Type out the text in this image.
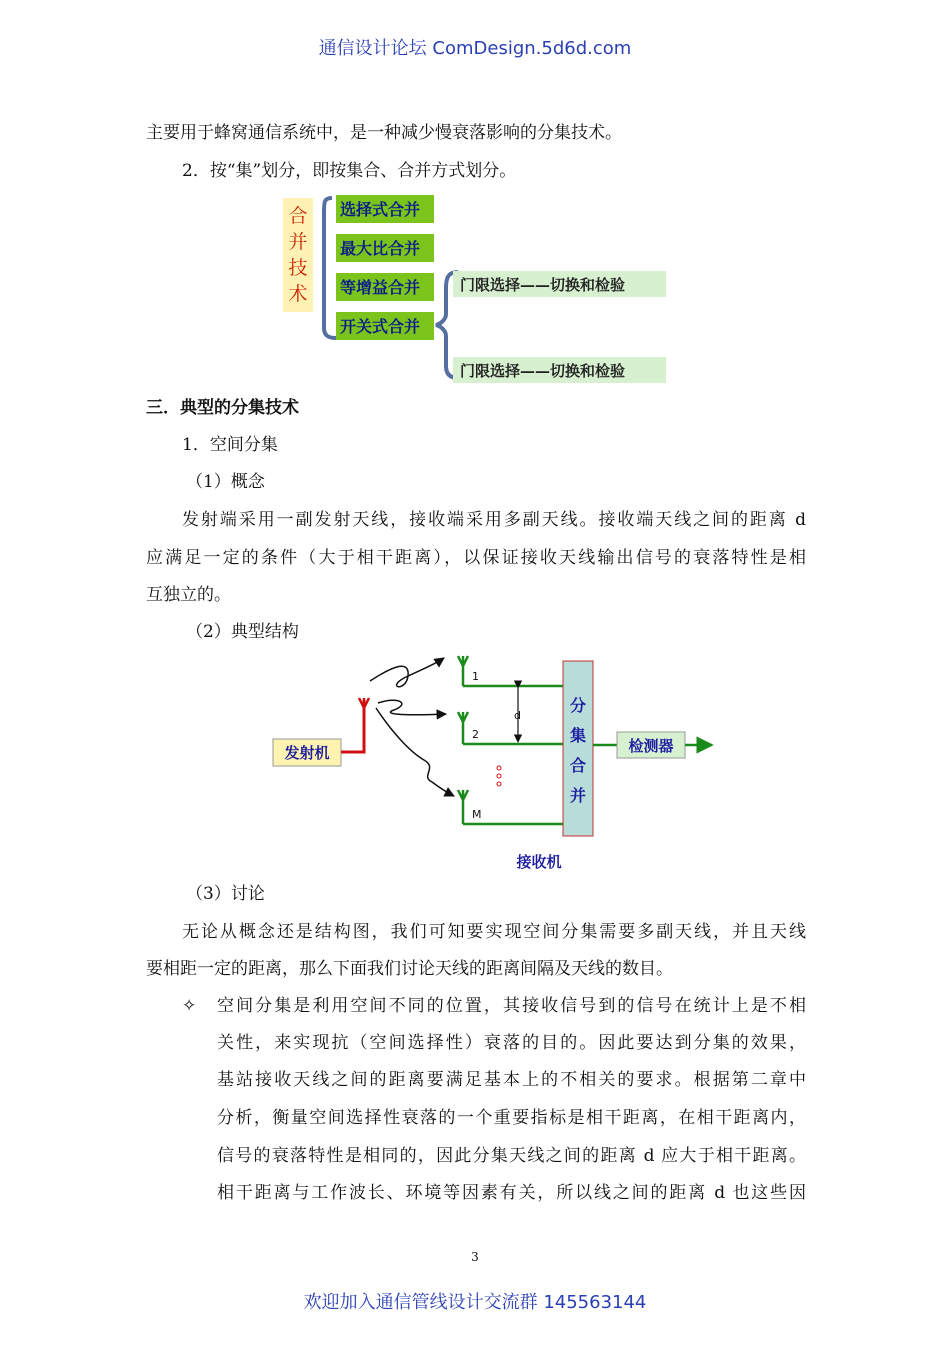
通信设计论坛 ComDesign.5d6d.com
主要用于蜂窝通信系统中，是一种减少慢衰落影响的分集技术。
2．按“集”划分，即按集合、合并方式划分。
合
并
技
术
选择式合并
最大比合并
等增益合并
开关式合并
门限选择——切换和检验
门限选择——切换和检验
三．典型的分集技术
1．空间分集
（1）概念
发射端采用一副发射天线，接收端采用多副天线。接收端天线之间的距离 d
应满足一定的条件（大于相干距离），以保证接收天线输出信号的衰落特性是相
互独立的。
（2）典型结构
发射机
1
2
M
d
分
集
合
并
检测器
接收机
（3）讨论
无论从概念还是结构图，我们可知要实现空间分集需要多副天线，并且天线
要相距一定的距离，那么下面我们讨论天线的距离间隔及天线的数目。
✧ 空间分集是利用空间不同的位置，其接收信号到的信号在统计上是不相
关性，来实现抗（空间选择性）衰落的目的。因此要达到分集的效果，
基站接收天线之间的距离要满足基本上的不相关的要求。根据第二章中
分析，衡量空间选择性衰落的一个重要指标是相干距离，在相干距离内，
信号的衰落特性是相同的，因此分集天线之间的距离 d 应大于相干距离。
相干距离与工作波长、环境等因素有关，所以线之间的距离 d 也这些因
3
欢迎加入通信管线设计交流群 145563144
